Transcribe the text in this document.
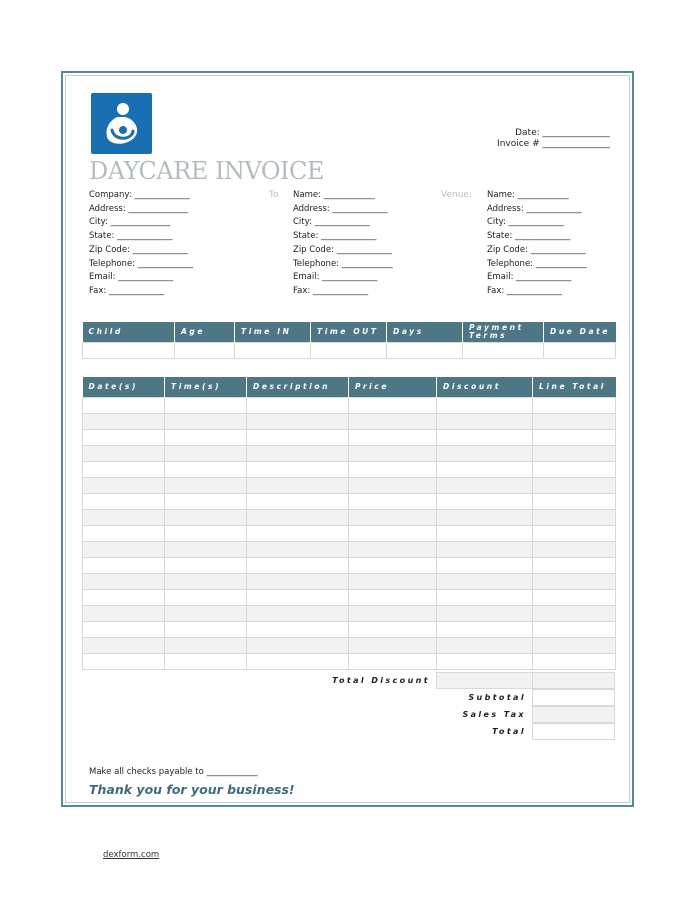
Date: _______________
Invoice # _______________
DAYCARE INVOICE
To	Venue:
Company: _____________
Address: ______________
City: ______________
State: _____________
Zip Code: _____________
Telephone: _____________
Email: _____________
Fax: _____________
Name: ____________
Address: _____________
City: _____________
State: _____________
Zip Code: _____________
Telephone: ____________
Email: _____________
Fax: _____________
Name: ____________
Address: _____________
City: _____________
State: _____________
Zip Code: _____________
Telephone: ____________
Email: _____________
Fax: _____________
Child	Age	Time IN	Time OUT	Days	Payment Terms	Due Date

Date(s)	Time(s)	Description	Price	Discount	Line Total

Total Discount
Subtotal
Sales Tax
Total
Make all checks payable to ____________
Thank you for your business!
dexform.com
